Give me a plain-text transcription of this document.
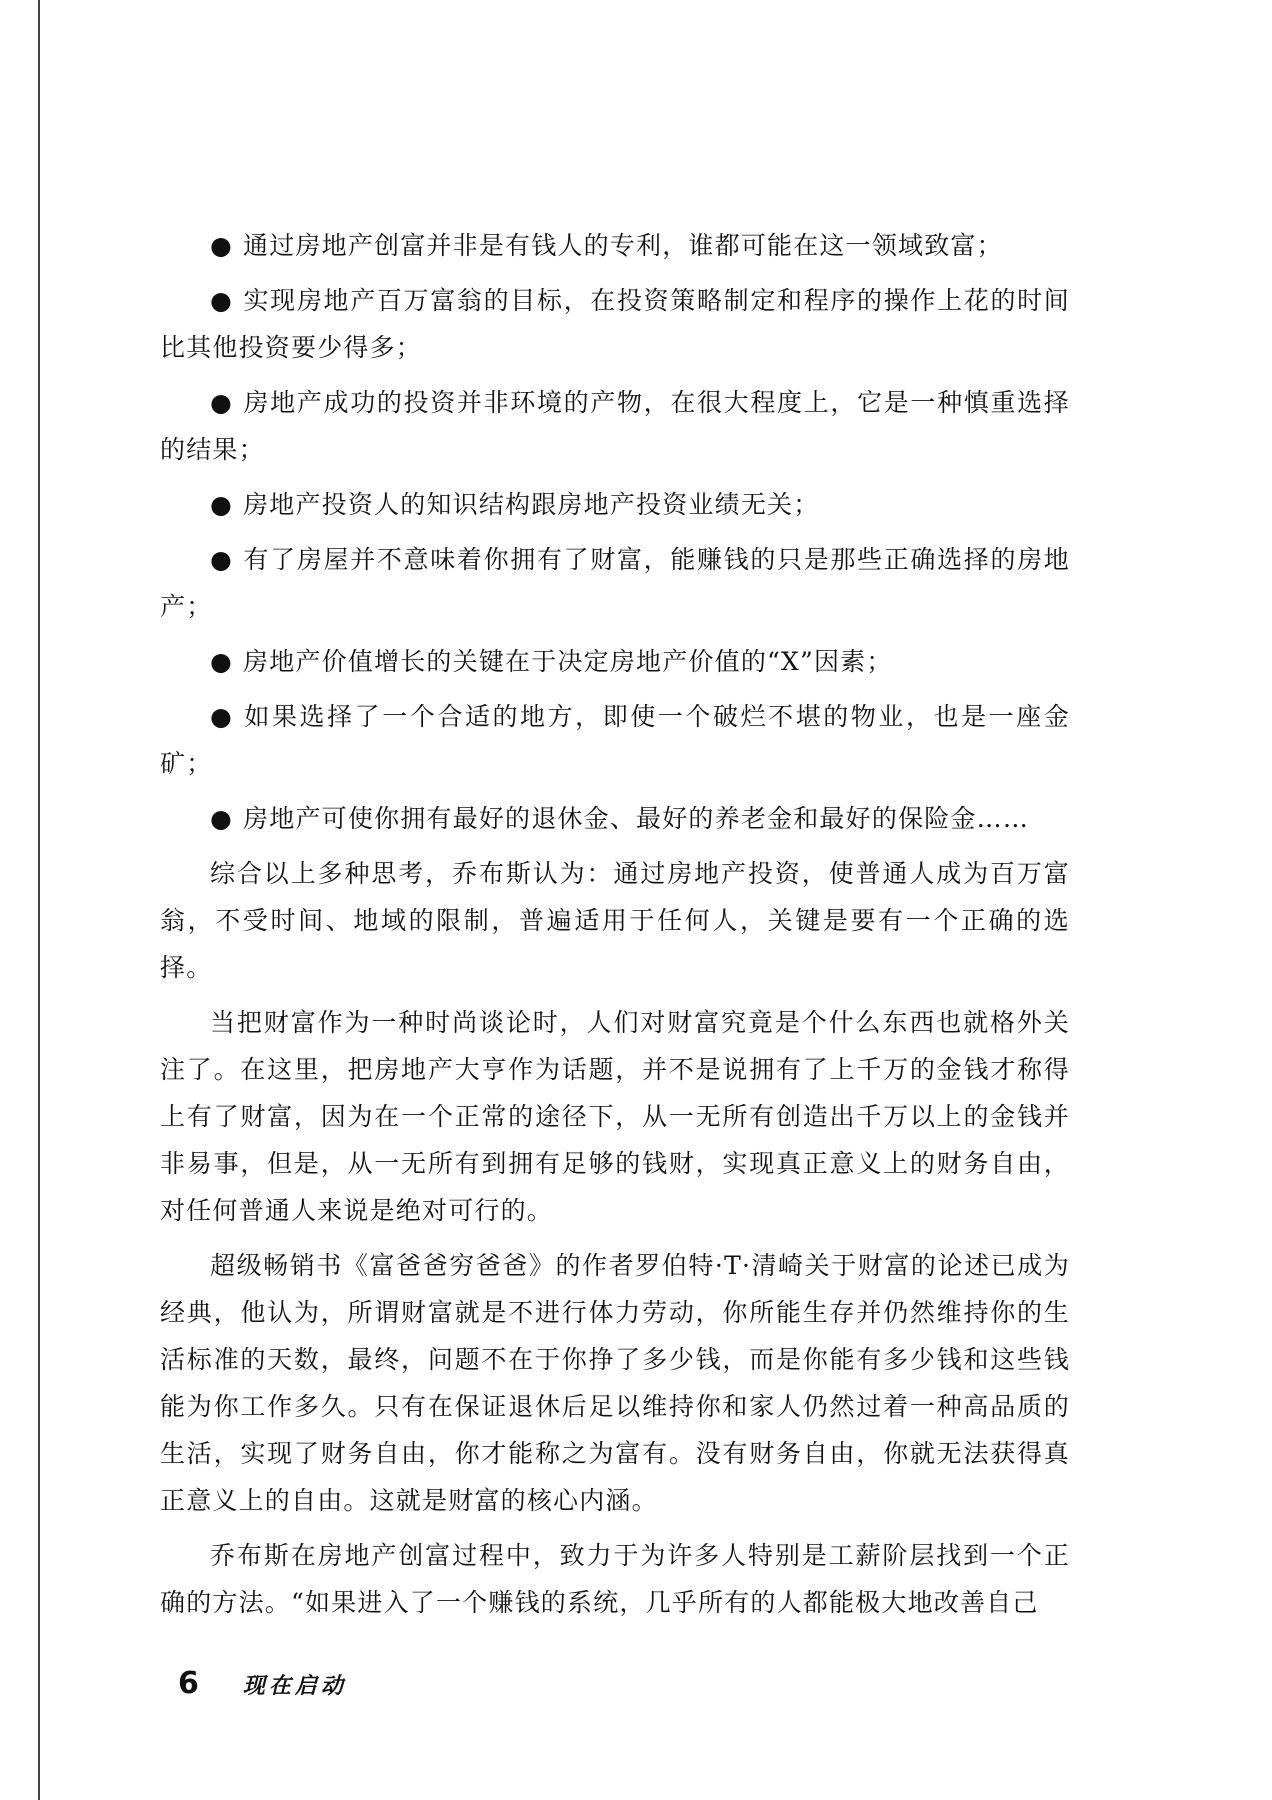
● 通过房地产创富并非是有钱人的专利，谁都可能在这一领域致富；

● 实现房地产百万富翁的目标，在投资策略制定和程序的操作上花的时间比其他投资要少得多；

● 房地产成功的投资并非环境的产物，在很大程度上，它是一种慎重选择的结果；

● 房地产投资人的知识结构跟房地产投资业绩无关；

● 有了房屋并不意味着你拥有了财富，能赚钱的只是那些正确选择的房地产；

● 房地产价值增长的关键在于决定房地产价值的“X”因素；

● 如果选择了一个合适的地方，即使一个破烂不堪的物业，也是一座金矿；

● 房地产可使你拥有最好的退休金、最好的养老金和最好的保险金……

综合以上多种思考，乔布斯认为：通过房地产投资，使普通人成为百万富翁，不受时间、地域的限制，普遍适用于任何人，关键是要有一个正确的选择。

当把财富作为一种时尚谈论时，人们对财富究竟是个什么东西也就格外关注了。在这里，把房地产大亨作为话题，并不是说拥有了上千万的金钱才称得上有了财富，因为在一个正常的途径下，从一无所有创造出千万以上的金钱并非易事，但是，从一无所有到拥有足够的钱财，实现真正意义上的财务自由，对任何普通人来说是绝对可行的。

超级畅销书《富爸爸穷爸爸》的作者罗伯特·T·清崎关于财富的论述已成为经典，他认为，所谓财富就是不进行体力劳动，你所能生存并仍然维持你的生活标准的天数，最终，问题不在于你挣了多少钱，而是你能有多少钱和这些钱能为你工作多久。只有在保证退休后足以维持你和家人仍然过着一种高品质的生活，实现了财务自由，你才能称之为富有。没有财务自由，你就无法获得真正意义上的自由。这就是财富的核心内涵。

乔布斯在房地产创富过程中，致力于为许多人特别是工薪阶层找到一个正确的方法。“如果进入了一个赚钱的系统，几乎所有的人都能极大地改善自己

6 现在启动
